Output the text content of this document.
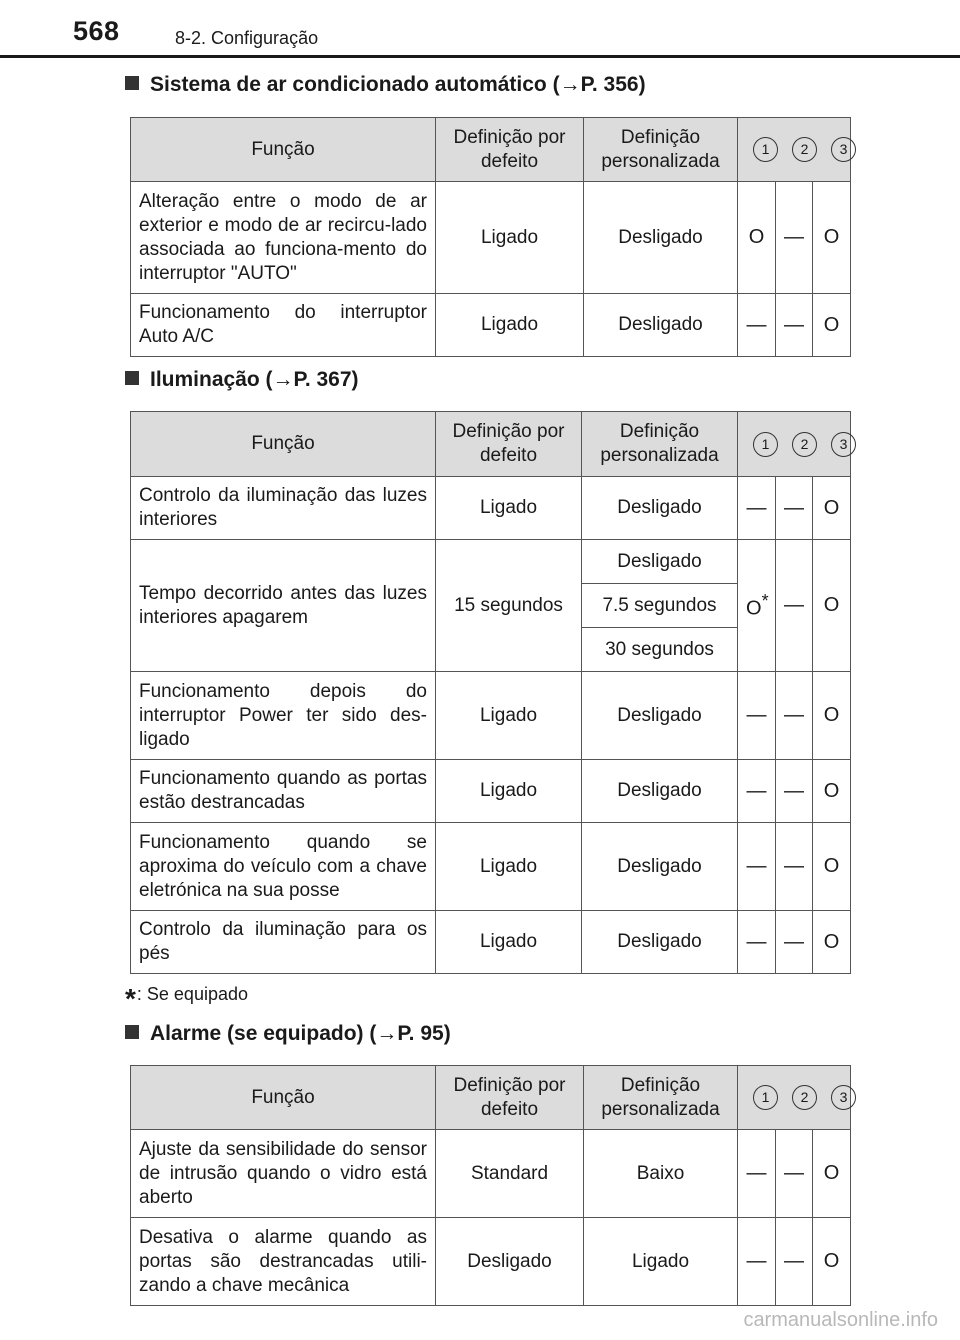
568	8-2. Configuração
Sistema de ar condicionado automático (→P. 356)
Função	Definição por defeito	Definição personalizada	1 2 3		
Alteração entre o modo de ar exterior e modo de ar recircu-lado associada ao funciona-mento do interruptor "AUTO"	Ligado	Desligado	O	—	O
Funcionamento do interruptor Auto A/C	Ligado	Desligado	—	—	O
Iluminação (→P. 367)
Função	Definição por defeito	Definição personalizada	1 2 3		
Controlo da iluminação das luzes interiores	Ligado	Desligado	—	—	O
Tempo decorrido antes das luzes interiores apagarem	15 segundos	Desligado	O*	—	O
		7.5 segundos			
		30 segundos			
Funcionamento depois do interruptor Power ter sido des-ligado	Ligado	Desligado	—	—	O
Funcionamento quando as portas estão destrancadas	Ligado	Desligado	—	—	O
Funcionamento quando se aproxima do veículo com a chave eletrónica na sua posse	Ligado	Desligado	—	—	O
Controlo da iluminação para os pés	Ligado	Desligado	—	—	O
*: Se equipado
Alarme (se equipado) (→P. 95)
Função	Definição por defeito	Definição personalizada	1 2 3		
Ajuste da sensibilidade do sensor de intrusão quando o vidro está aberto	Standard	Baixo	—	—	O
Desativa o alarme quando as portas são destrancadas utili-zando a chave mecânica	Desligado	Ligado	—	—	O
carmanualsonline.info
